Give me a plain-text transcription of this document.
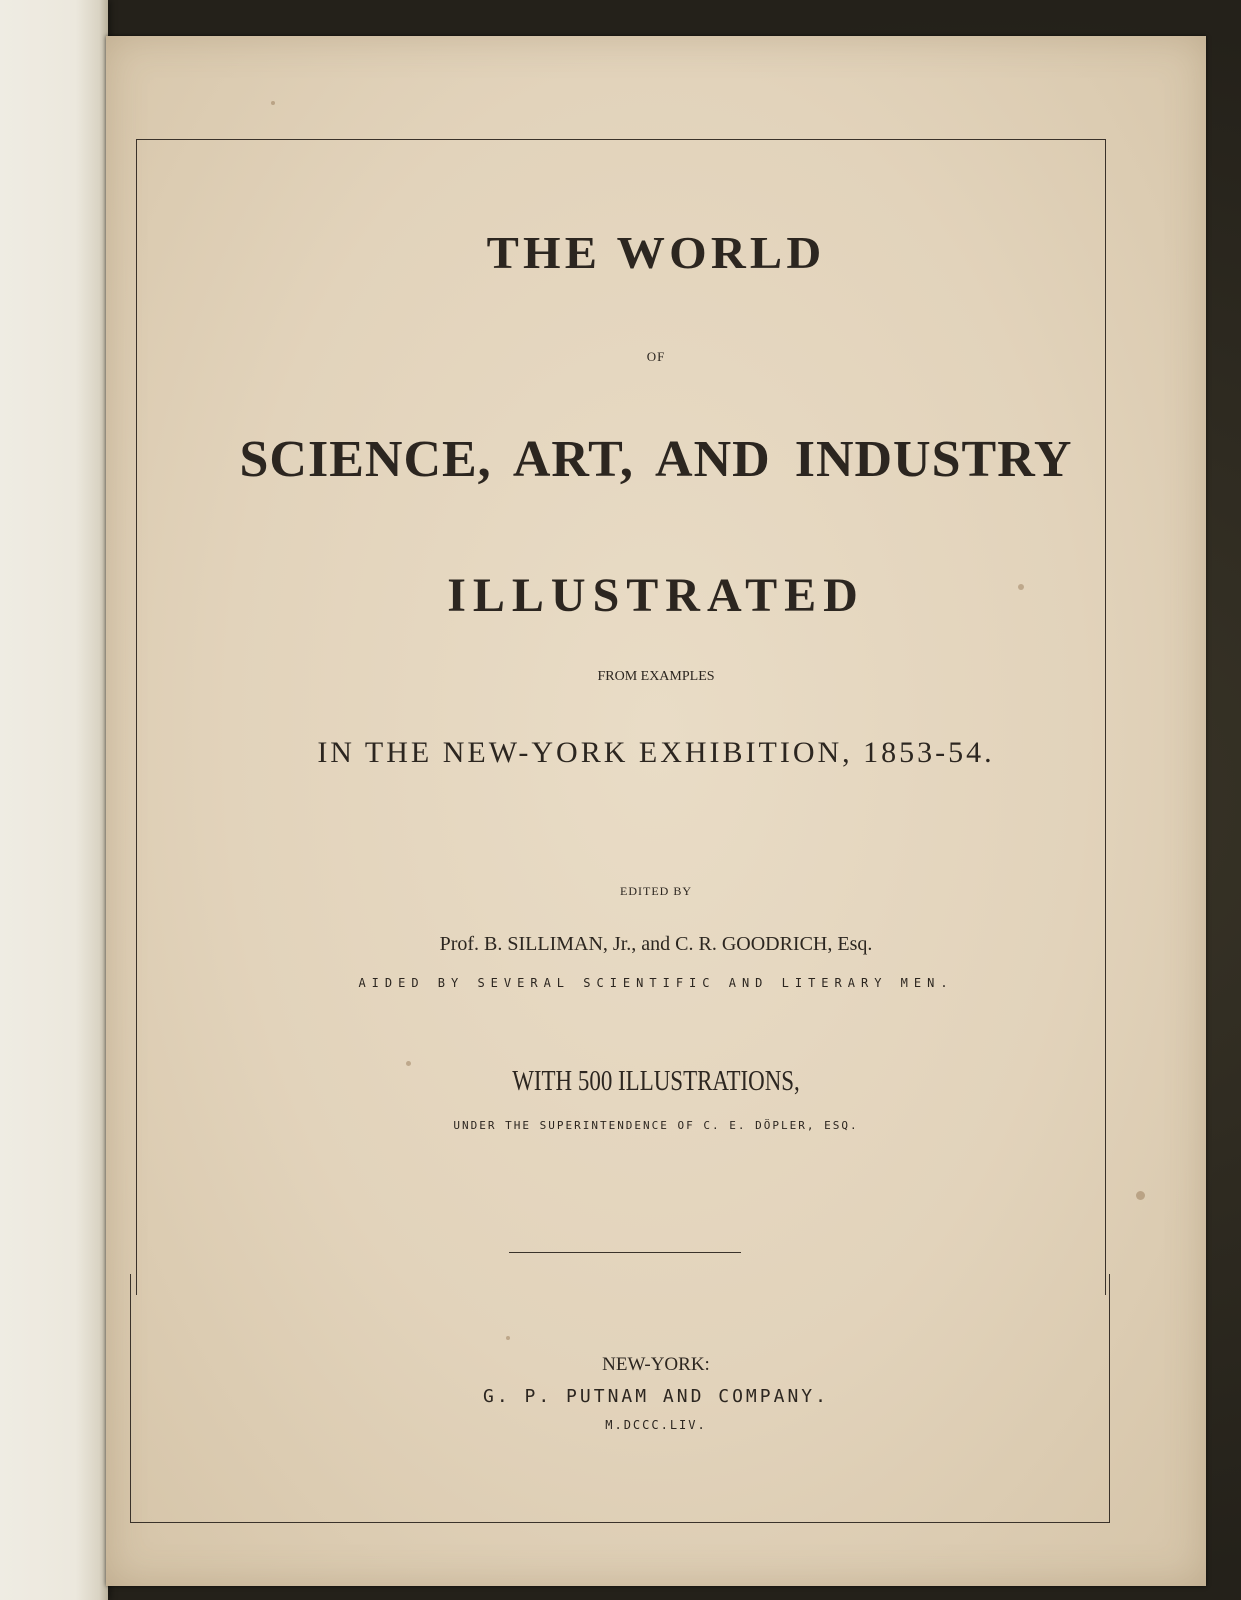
THE WORLD
OF
SCIENCE, ART, AND INDUSTRY
ILLUSTRATED
FROM EXAMPLES
IN THE NEW-YORK EXHIBITION, 1853-54.
EDITED BY
Prof. B. SILLIMAN, Jr., and C. R. GOODRICH, Esq.
AIDED BY SEVERAL SCIENTIFIC AND LITERARY MEN.
WITH 500 ILLUSTRATIONS,
UNDER THE SUPERINTENDENCE OF C. E. DÖPLER, ESQ.
NEW-YORK:
G. P. PUTNAM AND COMPANY.
M.DCCC.LIV.
